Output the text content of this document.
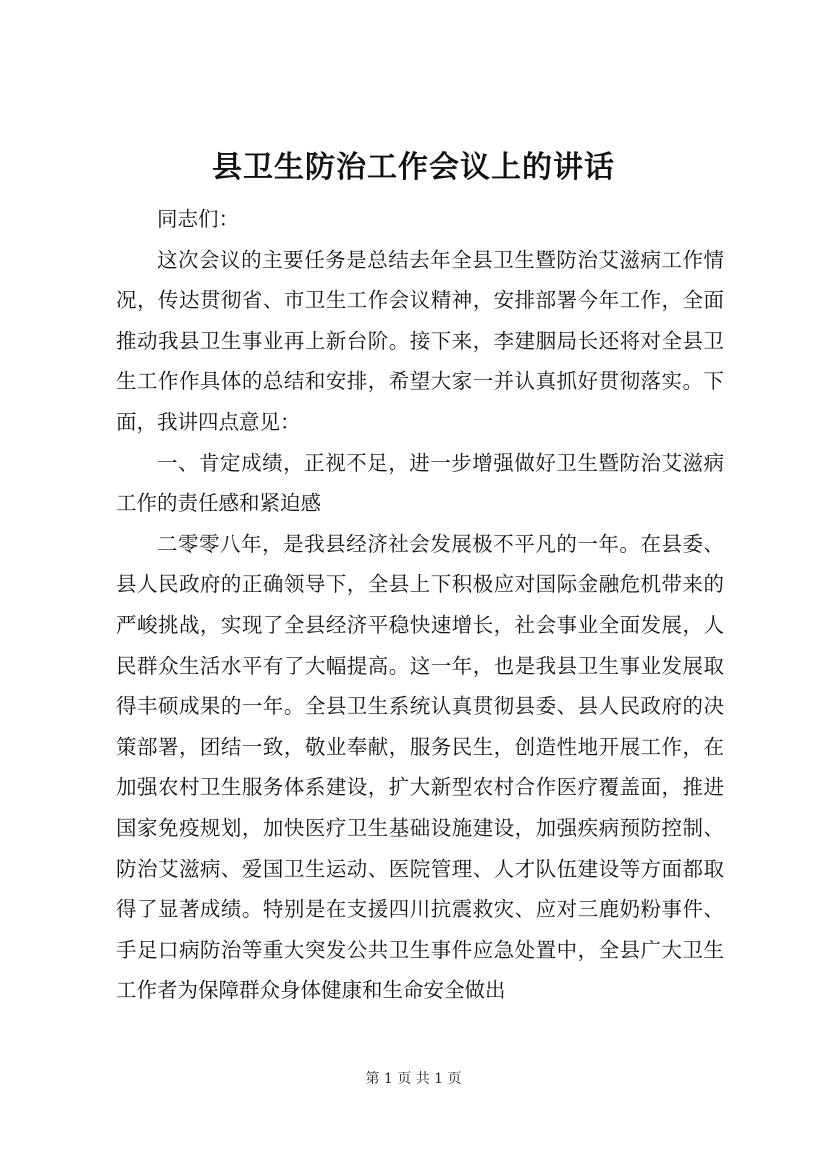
县卫生防治工作会议上的讲话

同志们：

这次会议的主要任务是总结去年全县卫生暨防治艾滋病工作情况，传达贯彻省、市卫生工作会议精神，安排部署今年工作，全面推动我县卫生事业再上新台阶。接下来，李建胭局长还将对全县卫生工作作具体的总结和安排，希望大家一并认真抓好贯彻落实。下面，我讲四点意见：

一、肯定成绩，正视不足，进一步增强做好卫生暨防治艾滋病工作的责任感和紧迫感

二零零八年，是我县经济社会发展极不平凡的一年。在县委、县人民政府的正确领导下，全县上下积极应对国际金融危机带来的严峻挑战，实现了全县经济平稳快速增长，社会事业全面发展，人民群众生活水平有了大幅提高。这一年，也是我县卫生事业发展取得丰硕成果的一年。全县卫生系统认真贯彻县委、县人民政府的决策部署，团结一致，敬业奉献，服务民生，创造性地开展工作，在加强农村卫生服务体系建设，扩大新型农村合作医疗覆盖面，推进国家免疫规划，加快医疗卫生基础设施建设，加强疾病预防控制、防治艾滋病、爱国卫生运动、医院管理、人才队伍建设等方面都取得了显著成绩。特别是在支援四川抗震救灾、应对三鹿奶粉事件、手足口病防治等重大突发公共卫生事件应急处置中，全县广大卫生工作者为保障群众身体健康和生命安全做出

第 1 页 共 1 页
